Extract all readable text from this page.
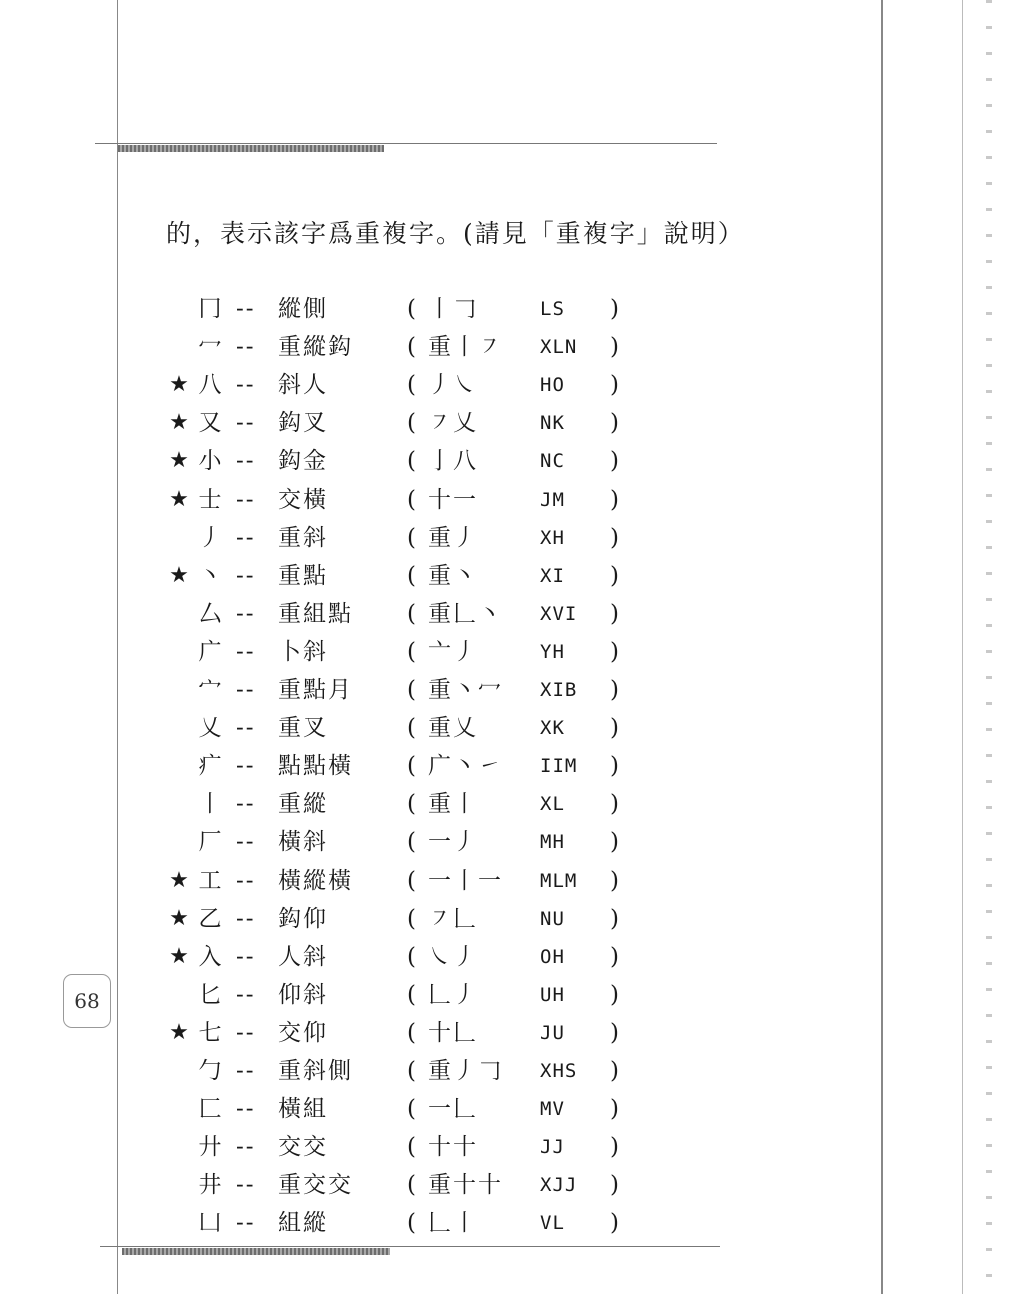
的，表示該字爲重複字。(請見「重複字」說明）
冂 -- 縱側	( 丨𠃌	LS )
冖 -- 重縱鈎 ( 重丨㇇ XLN )
★ 八 -- 斜人	( 丿㇏	HO )
★ 又 -- 鈎叉	( ㇇乂	NK )
★ 小 -- 鈎金	( 亅八	NC )
★ 士 -- 交橫	( 十一	JM )
丿 -- 重斜	( 重丿	XH )
★ 丶 -- 重點	( 重丶	XI )
厶 -- 重組點 ( 重𠃊丶 XVI )
广 -- 卜斜	( 亠丿	YH )
宀 -- 重點月 ( 重丶冖 XIB )
乂 -- 重叉	( 重乂	XK )
疒 -- 點點橫 ( 广丶㇀ IIM )
丨 -- 重縱	( 重丨	XL )
厂 -- 橫斜	( 一丿	MH )
★ 工 -- 橫縱橫 ( 一丨一 MLM )
★ 乙 -- 鈎仰	( ㇇𠃊	NU )
★ 入 -- 人斜	( ㇏丿	OH )
匕 -- 仰斜	( 𠃊丿	UH )
★ 七 -- 交仰	( 十𠃊	JU )
勹 -- 重斜側 ( 重丿𠃌 XHS )
匚 -- 橫組	( 一𠃊	MV )
廾 -- 交交	( 十十	JJ )
井 -- 重交交 ( 重十十 XJJ )
凵 -- 組縱	( 𠃊丨	VL )
68
